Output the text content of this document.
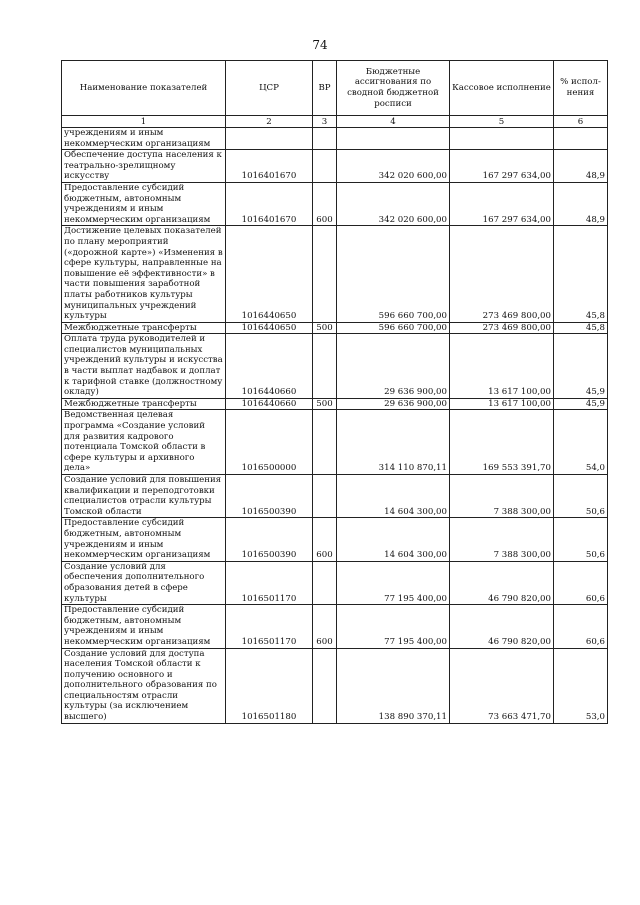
74
Наименование показателей	ЦСР	ВР	Бюджетные ассигнования по сводной бюджетной росписи	Кассовое исполнение	% испол-нения
1	2	3	4	5	6
учреждениям и иным некоммерческим организациям					
Обеспечение доступа населения к театрально-зрелищному искусству	1016401670		342 020 600,00	167 297 634,00	48,9
Предоставление субсидий бюджетным, автономным учреждениям и иным некоммерческим организациям	1016401670	600	342 020 600,00	167 297 634,00	48,9
Достижение целевых показателей по плану мероприятий («дорожной карте») «Изменения в сфере культуры, направленные на повышение её эффективности» в части повышения заработной платы работников культуры муниципальных учреждений культуры	1016440650		596 660 700,00	273 469 800,00	45,8
Межбюджетные трансферты	1016440650	500	596 660 700,00	273 469 800,00	45,8
Оплата труда руководителей и специалистов муниципальных учреждений культуры и искусства в части выплат надбавок и доплат к тарифной ставке (должностному окладу)	1016440660		29 636 900,00	13 617 100,00	45,9
Межбюджетные трансферты	1016440660	500	29 636 900,00	13 617 100,00	45,9
Ведомственная целевая программа «Создание условий для развития кадрового потенциала Томской области в сфере культуры и архивного дела»	1016500000		314 110 870,11	169 553 391,70	54,0
Создание условий для повышения квалификации и переподготовки специалистов отрасли культуры Томской области	1016500390		14 604 300,00	7 388 300,00	50,6
Предоставление субсидий бюджетным, автономным учреждениям и иным некоммерческим организациям	1016500390	600	14 604 300,00	7 388 300,00	50,6
Создание условий для обеспечения дополнительного образования детей в сфере культуры	1016501170		77 195 400,00	46 790 820,00	60,6
Предоставление субсидий бюджетным, автономным учреждениям и иным некоммерческим организациям	1016501170	600	77 195 400,00	46 790 820,00	60,6
Создание условий для доступа населения Томской области к получению основного и дополнительного образования по специальностям отрасли культуры (за исключением высшего)	1016501180		138 890 370,11	73 663 471,70	53,0
